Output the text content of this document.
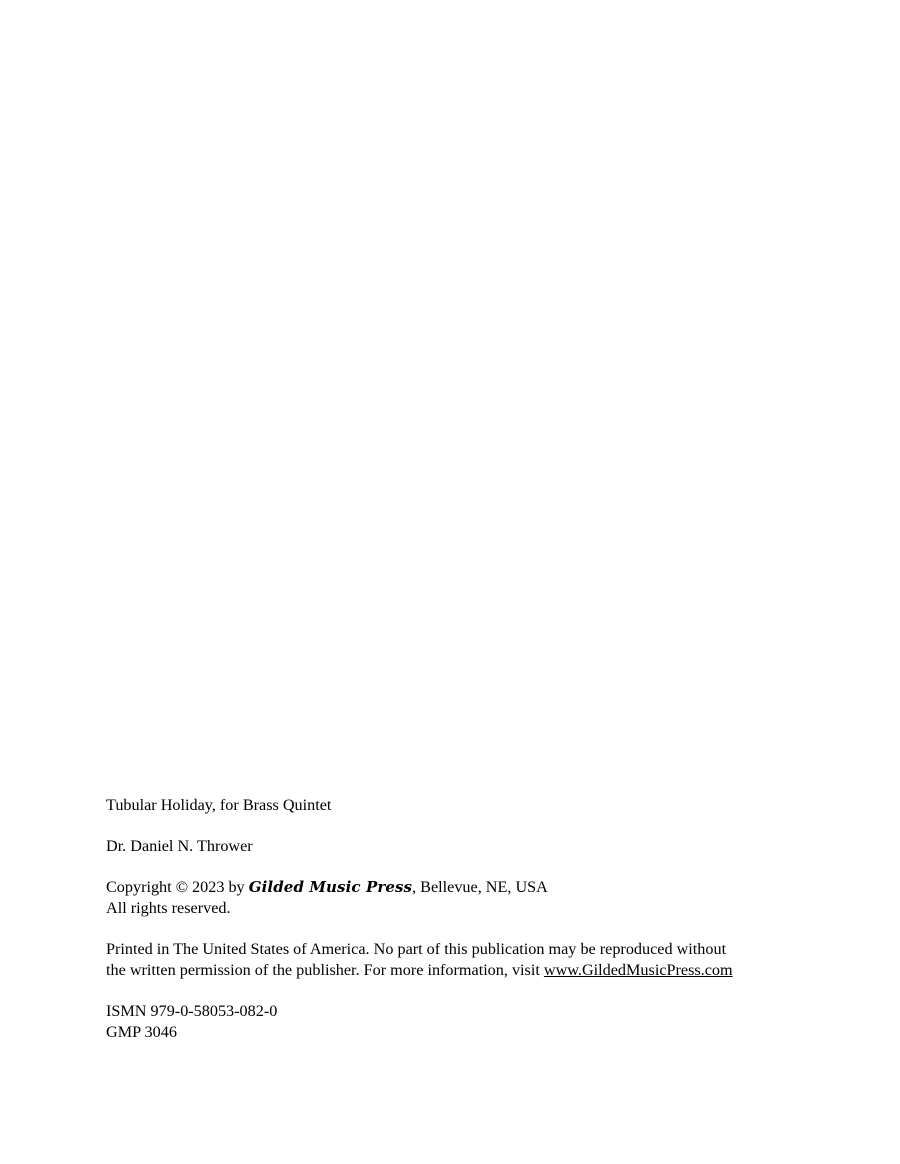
Tubular Holiday, for Brass Quintet

Dr. Daniel N. Thrower

Copyright © 2023 by Gilded Music Press, Bellevue, NE, USA
All rights reserved.

Printed in The United States of America. No part of this publication may be reproduced without
the written permission of the publisher. For more information, visit www.GildedMusicPress.com

ISMN 979-0-58053-082-0
GMP 3046
